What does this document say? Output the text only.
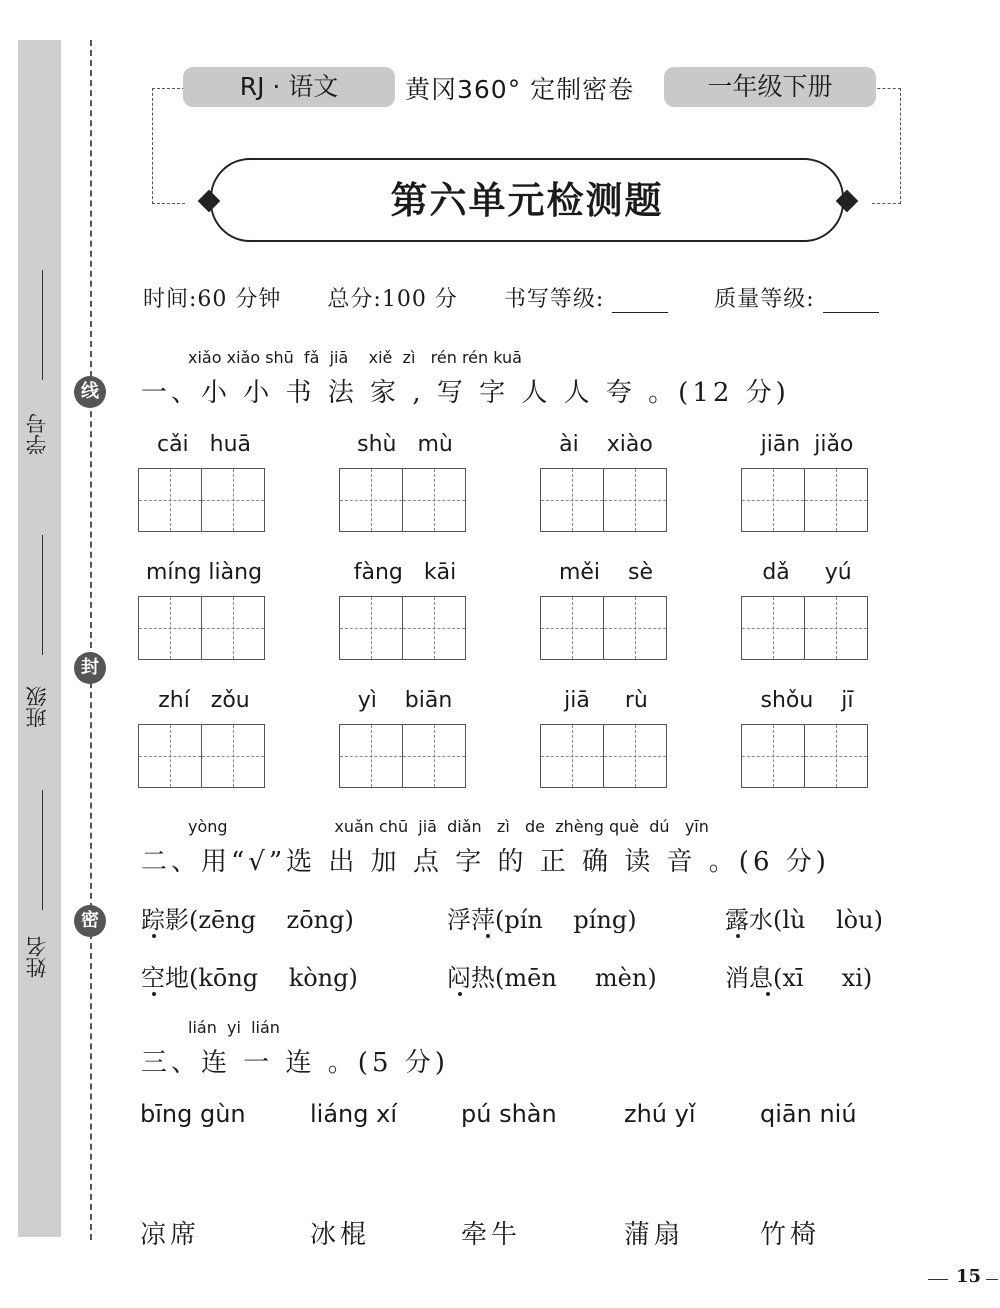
学号
班级
姓名
线
封
密
RJ · 语文	黄冈360° 定制密卷	一年级下册
第六单元检测题
时间:60 分钟 总分:100 分 书写等级:	质量等级:
xiǎo xiǎo shū  fǎ  jiā    xiě  zì   rén rén kuā
一、小 小 书 法 家 , 写 字 人 人 夸 。(12 分)
cǎi   huā	shù   mù	ài    xiào	jiān  jiǎo
míng liàng	fàng   kāi	měi    sè	dǎ     yú
zhí   zǒu	yì    biān	jiā     rù	shǒu    jī
yòng                     xuǎn chū  jiā  diǎn   zì   de  zhèng què  dú   yīn
二、用“√”选 出 加 点 字 的 正 确 读 音 。(6 分)
踪影(zēng    zōng)	浮萍(pín    píng)	露水(lù    lòu)
空地(kōng    kòng)	闷热(mēn     mèn)	消息(xī     xi)
lián  yi  lián
三、连 一 连 。(5 分)
bīng gùn	liáng xí	pú shàn	zhú yǐ	qiān niú
凉席	冰棍	牵牛	蒲扇	竹椅
15
